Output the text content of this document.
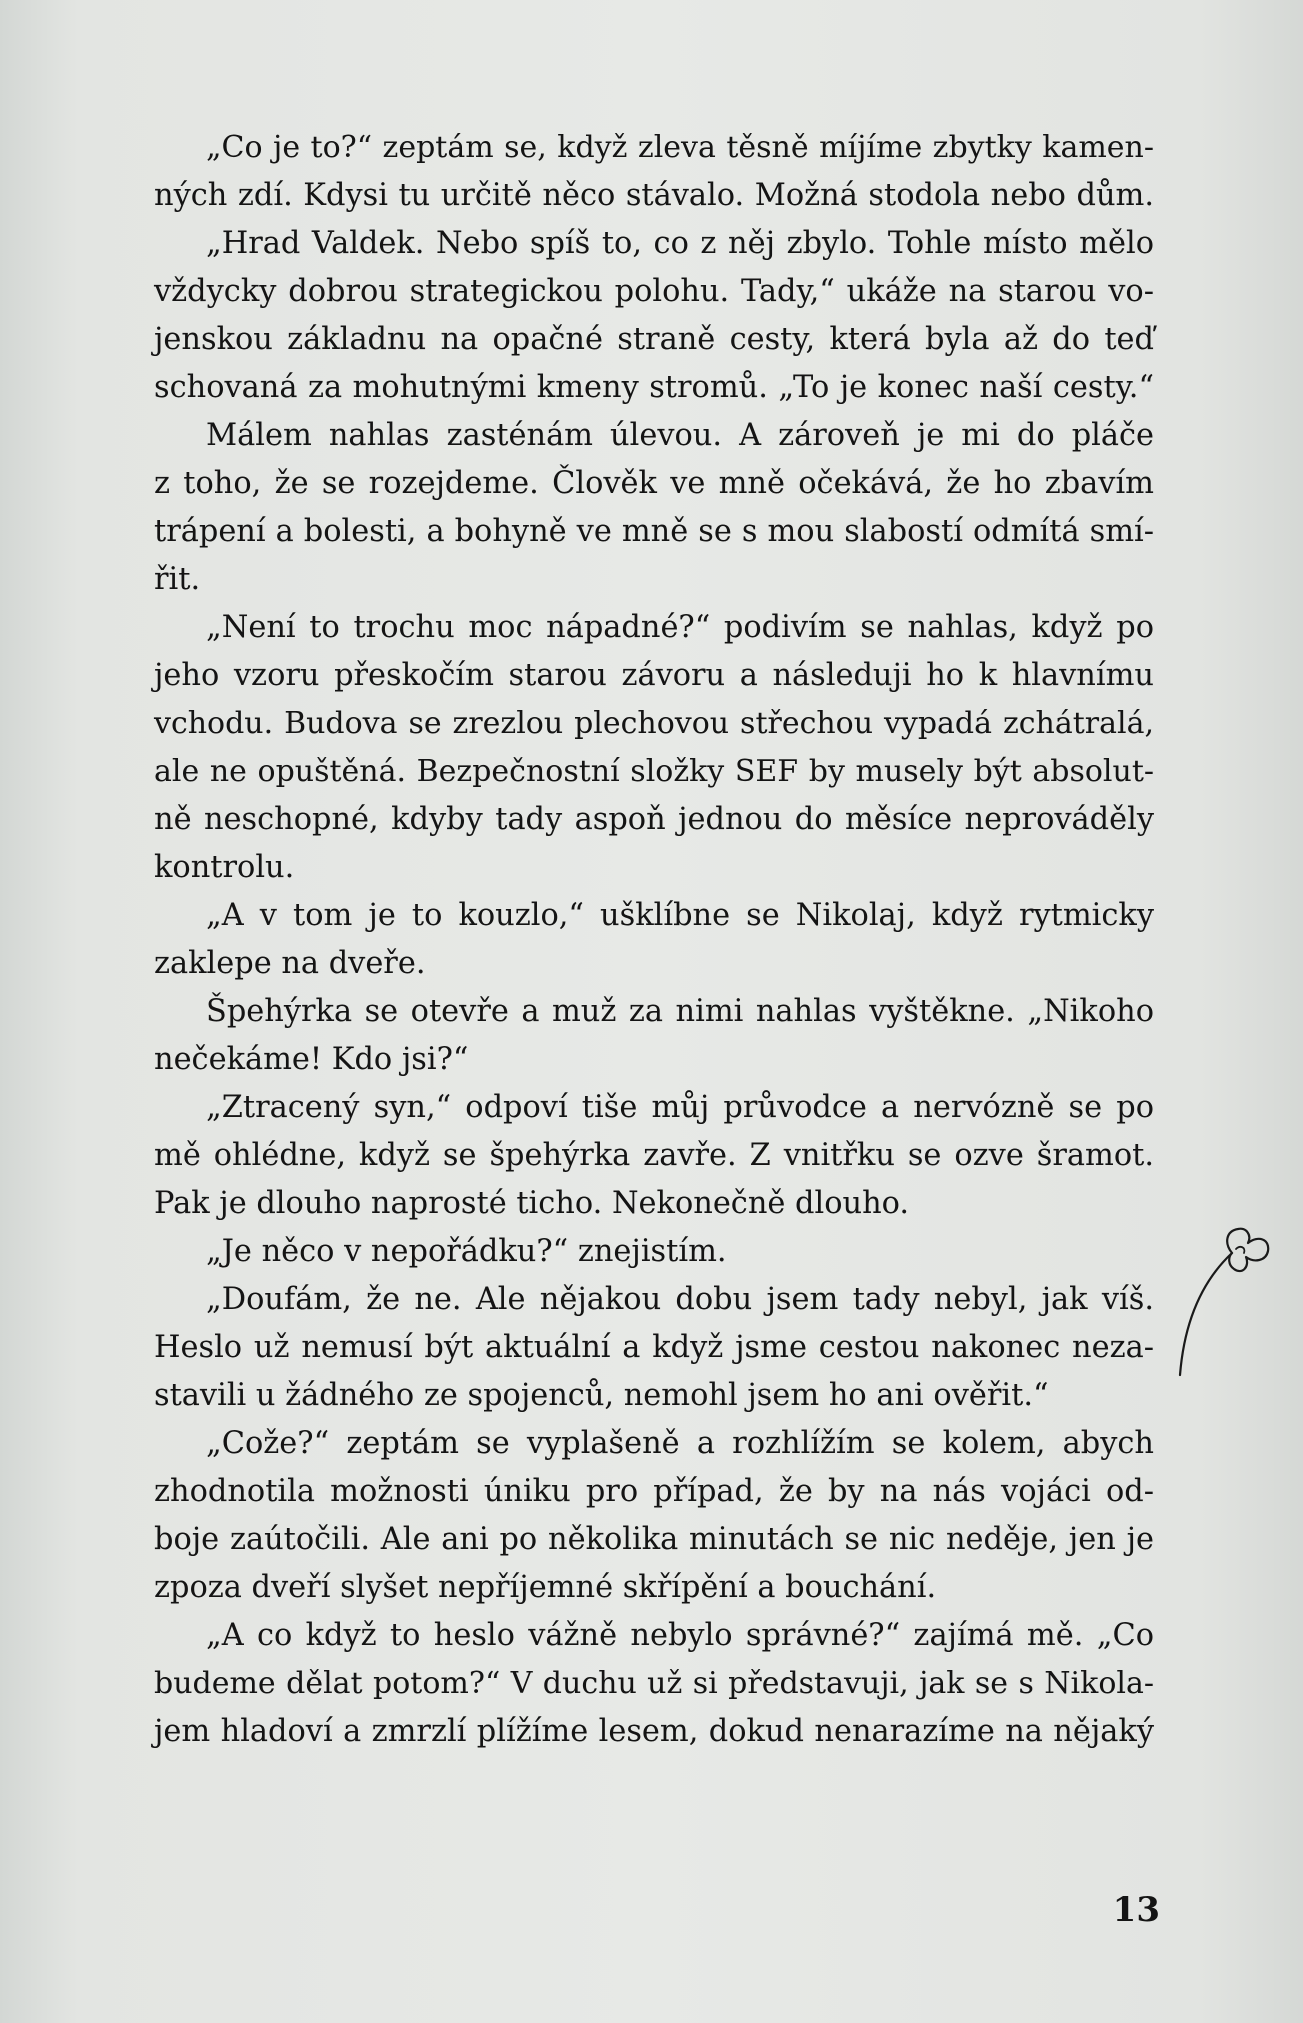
„Co je to?“ zeptám se, když zleva těsně míjíme zbytky kamen-
ných zdí. Kdysi tu určitě něco stávalo. Možná stodola nebo dům.
„Hrad Valdek. Nebo spíš to, co z něj zbylo. Tohle místo mělo
vždycky dobrou strategickou polohu. Tady,“ ukáže na starou vo-
jenskou základnu na opačné straně cesty, která byla až do teď
schovaná za mohutnými kmeny stromů. „To je konec naší cesty.“
Málem nahlas zasténám úlevou. A zároveň je mi do pláče
z toho, že se rozejdeme. Člověk ve mně očekává, že ho zbavím
trápení a bolesti, a bohyně ve mně se s mou slabostí odmítá smí-
řit.
„Není to trochu moc nápadné?“ podivím se nahlas, když po
jeho vzoru přeskočím starou závoru a následuji ho k hlavnímu
vchodu. Budova se zrezlou plechovou střechou vypadá zchátralá,
ale ne opuštěná. Bezpečnostní složky SEF by musely být absolut-
ně neschopné, kdyby tady aspoň jednou do měsíce neprováděly
kontrolu.
„A v tom je to kouzlo,“ ušklíbne se Nikolaj, když rytmicky
zaklepe na dveře.
Špehýrka se otevře a muž za nimi nahlas vyštěkne. „Nikoho
nečekáme! Kdo jsi?“
„Ztracený syn,“ odpoví tiše můj průvodce a nervózně se po
mě ohlédne, když se špehýrka zavře. Z vnitřku se ozve šramot.
Pak je dlouho naprosté ticho. Nekonečně dlouho.
„Je něco v nepořádku?“ znejistím.
„Doufám, že ne. Ale nějakou dobu jsem tady nebyl, jak víš.
Heslo už nemusí být aktuální a když jsme cestou nakonec neza-
stavili u žádného ze spojenců, nemohl jsem ho ani ověřit.“
„Cože?“ zeptám se vyplašeně a rozhlížím se kolem, abych
zhodnotila možnosti úniku pro případ, že by na nás vojáci od-
boje zaútočili. Ale ani po několika minutách se nic neděje, jen je
zpoza dveří slyšet nepříjemné skřípění a bouchání.
„A co když to heslo vážně nebylo správné?“ zajímá mě. „Co
budeme dělat potom?“ V duchu už si představuji, jak se s Nikola-
jem hladoví a zmrzlí plížíme lesem, dokud nenarazíme na nějaký
13
